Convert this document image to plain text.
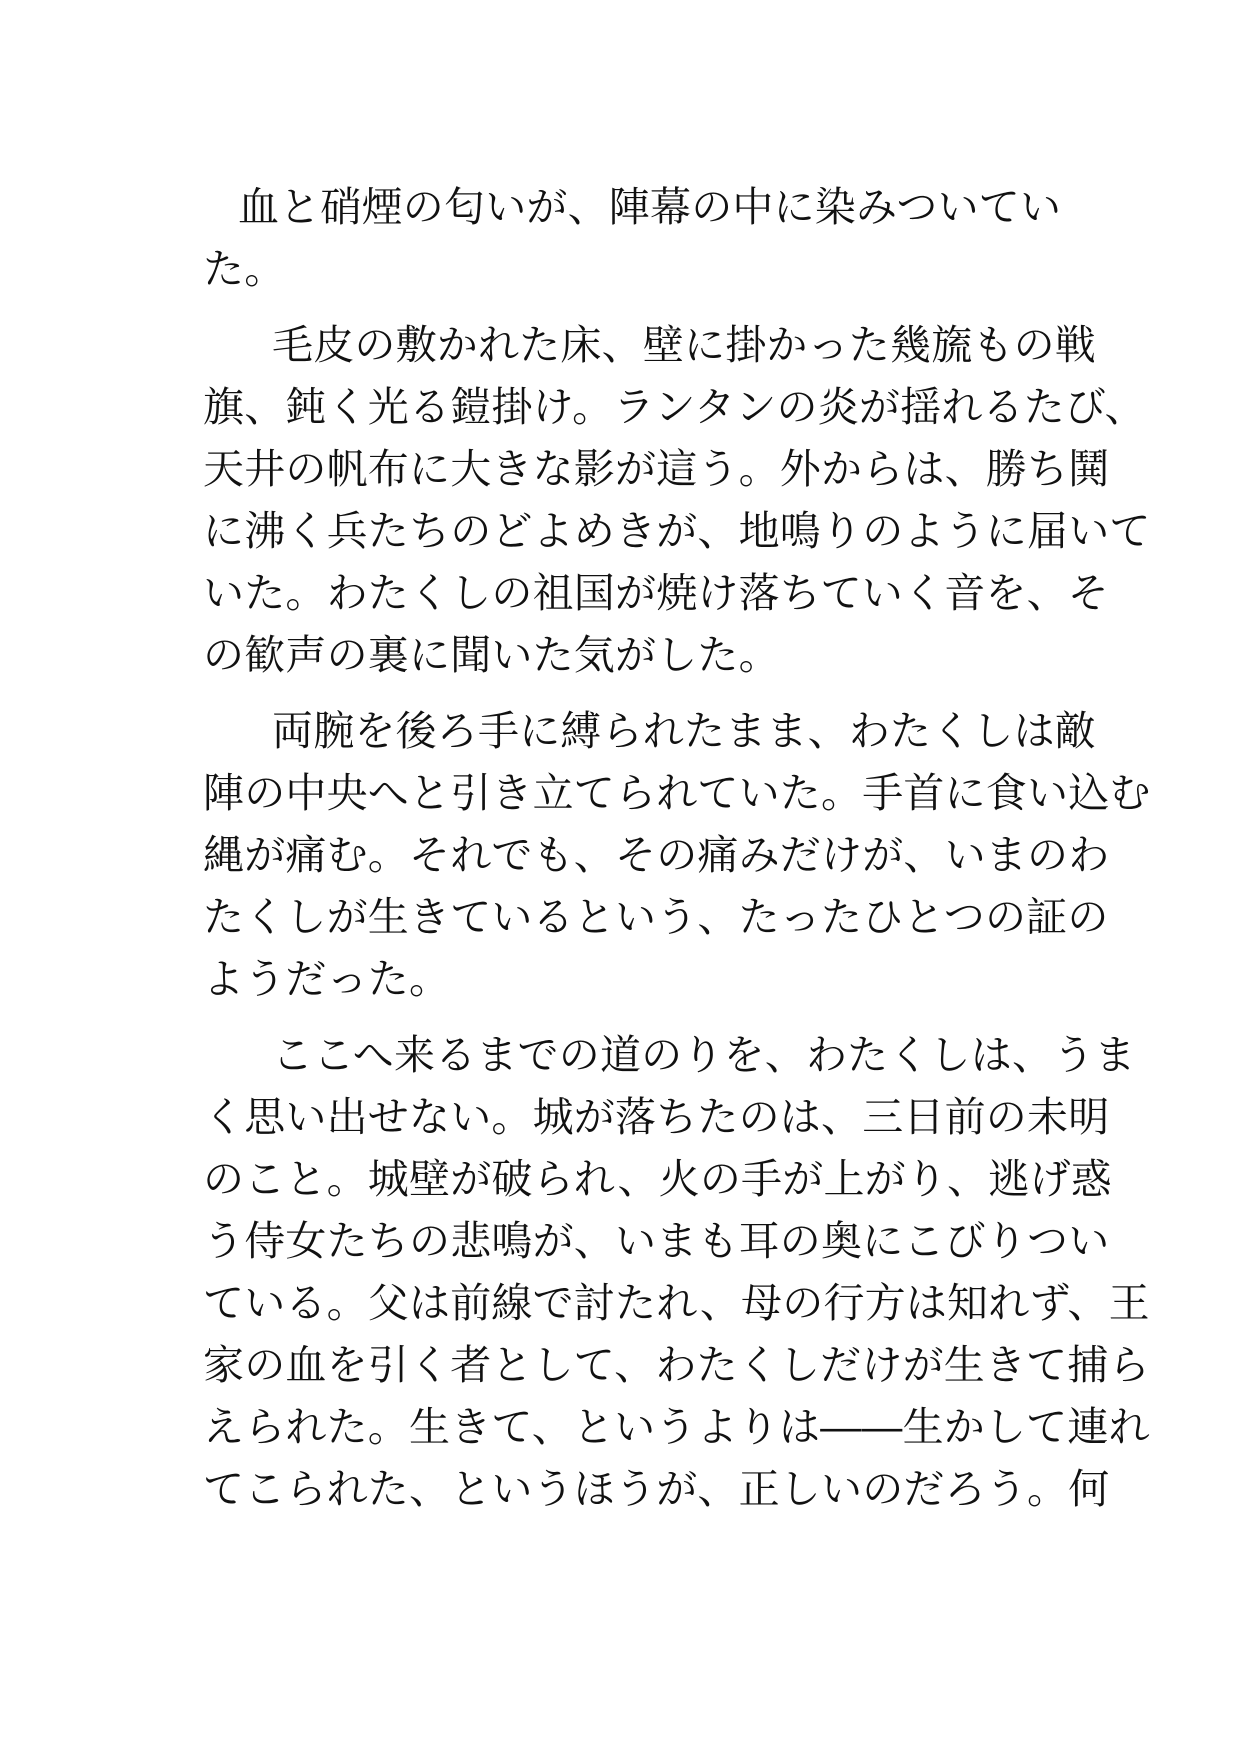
血と硝煙の匂いが、陣幕の中に染みついてい
た。
毛皮の敷かれた床、壁に掛かった幾旒もの戦
旗、鈍く光る鎧掛け。ランタンの炎が揺れるたび、
天井の帆布に大きな影が這う。外からは、勝ち鬨
に沸く兵たちのどよめきが、地鳴りのように届いて
いた。わたくしの祖国が焼け落ちていく音を、そ
の歓声の裏に聞いた気がした。
両腕を後ろ手に縛られたまま、わたくしは敵
陣の中央へと引き立てられていた。手首に食い込む
縄が痛む。それでも、その痛みだけが、いまのわ
たくしが生きているという、たったひとつの証の
ようだった。
ここへ来るまでの道のりを、わたくしは、うま
く思い出せない。城が落ちたのは、三日前の未明
のこと。城壁が破られ、火の手が上がり、逃げ惑
う侍女たちの悲鳴が、いまも耳の奥にこびりつい
ている。父は前線で討たれ、母の行方は知れず、王
家の血を引く者として、わたくしだけが生きて捕ら
えられた。生きて、というよりは――生かして連れ
てこられた、というほうが、正しいのだろう。何
